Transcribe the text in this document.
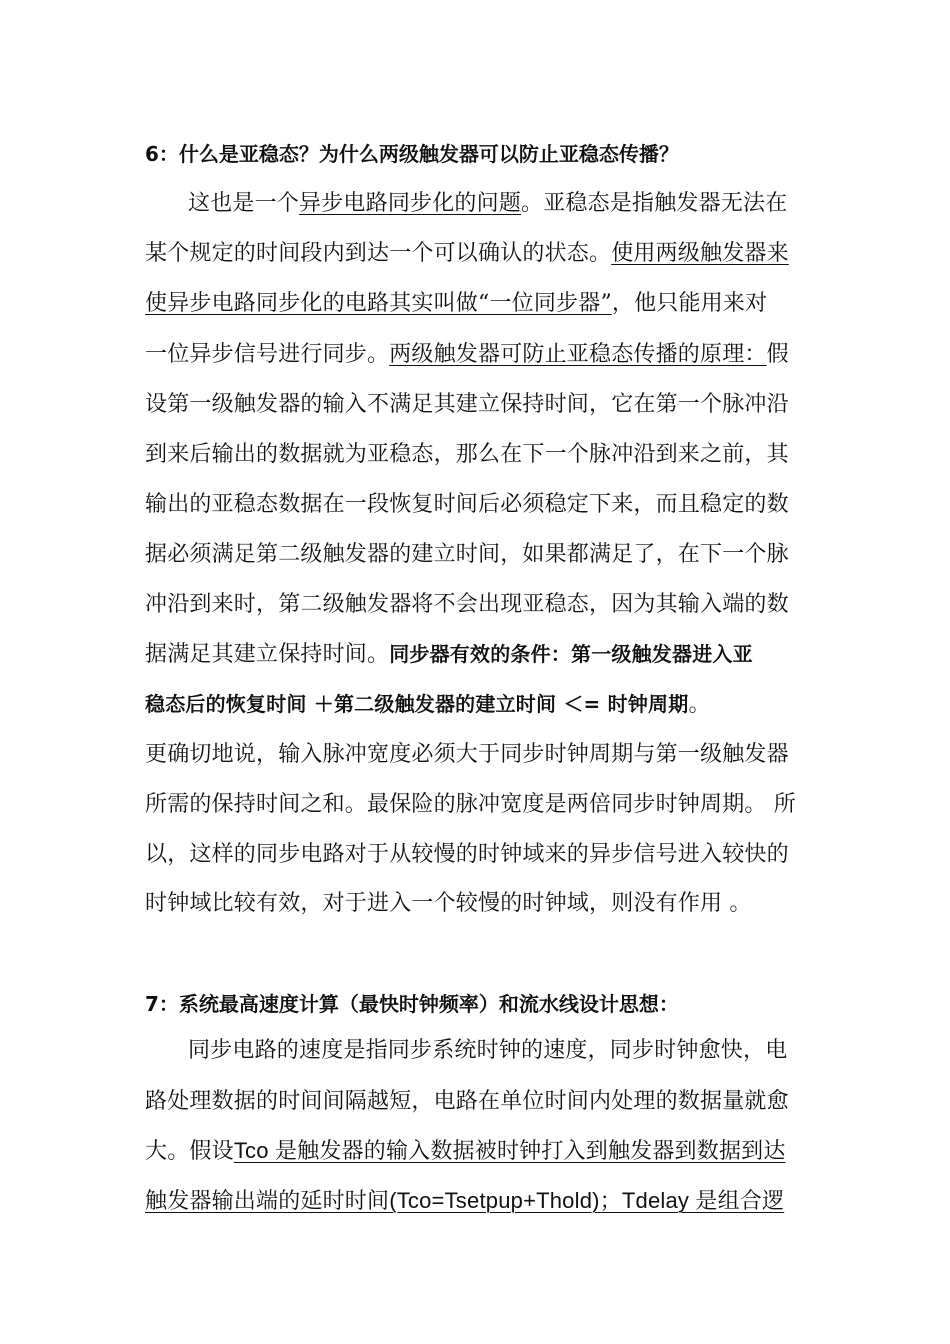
6：什么是亚稳态？为什么两级触发器可以防止亚稳态传播？
这也是一个异步电路同步化的问题。亚稳态是指触发器无法在
某个规定的时间段内到达一个可以确认的状态。使用两级触发器来
使异步电路同步化的电路其实叫做“一位同步器”，他只能用来对
一位异步信号进行同步。两级触发器可防止亚稳态传播的原理：假
设第一级触发器的输入不满足其建立保持时间，它在第一个脉冲沿
到来后输出的数据就为亚稳态，那么在下一个脉冲沿到来之前，其
输出的亚稳态数据在一段恢复时间后必须稳定下来，而且稳定的数
据必须满足第二级触发器的建立时间，如果都满足了，在下一个脉
冲沿到来时，第二级触发器将不会出现亚稳态，因为其输入端的数
据满足其建立保持时间。同步器有效的条件：第一级触发器进入亚
稳态后的恢复时间 ＋第二级触发器的建立时间 ＜= 时钟周期。
更确切地说，输入脉冲宽度必须大于同步时钟周期与第一级触发器
所需的保持时间之和。最保险的脉冲宽度是两倍同步时钟周期。 所
以，这样的同步电路对于从较慢的时钟域来的异步信号进入较快的
时钟域比较有效，对于进入一个较慢的时钟域，则没有作用 。
7：系统最高速度计算（最快时钟频率）和流水线设计思想：
同步电路的速度是指同步系统时钟的速度，同步时钟愈快，电
路处理数据的时间间隔越短，电路在单位时间内处理的数据量就愈
大。假设Tco 是触发器的输入数据被时钟打入到触发器到数据到达
触发器输出端的延时时间(Tco=Tsetpup+Thold)；Tdelay 是组合逻
